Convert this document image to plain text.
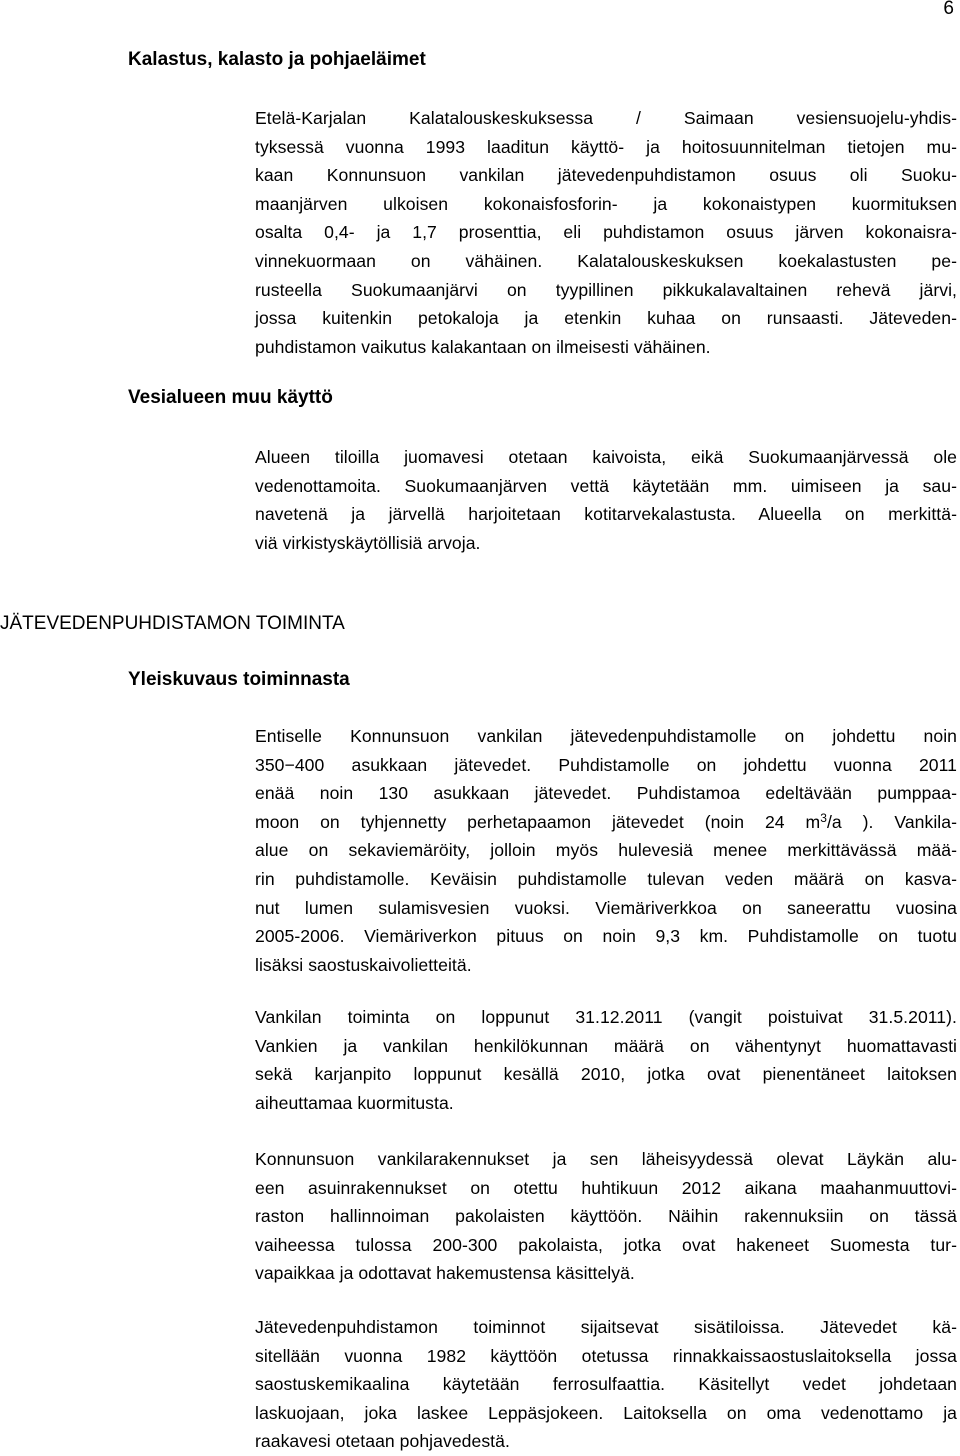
6
Kalastus, kalasto ja pohjaeläimet
Etelä-Karjalan Kalatalouskeskuksessa / Saimaan vesiensuojelu-yhdis-
tyksessä vuonna 1993 laaditun käyttö- ja hoitosuunnitelman tietojen mu-
kaan Konnunsuon vankilan jätevedenpuhdistamon osuus oli Suoku-
maanjärven ulkoisen kokonaisfosforin- ja kokonaistypen kuormituksen
osalta 0,4- ja 1,7 prosenttia, eli puhdistamon osuus järven kokonaisra-
vinnekuormaan on vähäinen. Kalatalouskeskuksen koekalastusten pe-
rusteella Suokumaanjärvi on tyypillinen pikkukalavaltainen rehevä järvi,
jossa kuitenkin petokaloja ja etenkin kuhaa on runsaasti. Jäteveden-
puhdistamon vaikutus kalakantaan on ilmeisesti vähäinen.
Vesialueen muu käyttö
Alueen tiloilla juomavesi otetaan kaivoista, eikä Suokumaanjärvessä ole
vedenottamoita. Suokumaanjärven vettä käytetään mm. uimiseen ja sau-
navetenä ja järvellä harjoitetaan kotitarvekalastusta. Alueella on merkittä-
viä virkistyskäytöllisiä arvoja.
JÄTEVEDENPUHDISTAMON TOIMINTA
Yleiskuvaus toiminnasta
Entiselle Konnunsuon vankilan jätevedenpuhdistamolle on johdettu noin
350−400 asukkaan jätevedet. Puhdistamolle on johdettu vuonna 2011
enää noin 130 asukkaan jätevedet. Puhdistamoa edeltävään pumppaa-
moon on tyhjennetty perhetapaamon jätevedet (noin 24 $m^3/a$ ). Vankila-
alue on sekaviemäröity, jolloin myös hulevesiä menee merkittävässä mää-
rin puhdistamolle. Keväisin puhdistamolle tulevan veden määrä on kasva-
nut lumen sulamisvesien vuoksi. Viemäriverkkoa on saneerattu vuosina
2005-2006. Viemäriverkon pituus on noin 9,3 km. Puhdistamolle on tuotu
lisäksi saostuskaivolietteitä.
Vankilan toiminta on loppunut 31.12.2011 (vangit poistuivat 31.5.2011).
Vankien ja vankilan henkilökunnan määrä on vähentynyt huomattavasti
sekä karjanpito loppunut kesällä 2010, jotka ovat pienentäneet laitoksen
aiheuttamaa kuormitusta.
Konnunsuon vankilarakennukset ja sen läheisyydessä olevat Läykän alu-
een asuinrakennukset on otettu huhtikuun 2012 aikana maahanmuuttovi-
raston hallinnoiman pakolaisten käyttöön. Näihin rakennuksiin on tässä
vaiheessa tulossa 200-300 pakolaista, jotka ovat hakeneet Suomesta tur-
vapaikkaa ja odottavat hakemustensa käsittelyä.
Jätevedenpuhdistamon toiminnot sijaitsevat sisätiloissa. Jätevedet kä-
sitellään vuonna 1982 käyttöön otetussa rinnakkaissaostuslaitoksella jossa
saostuskemikaalina käytetään ferrosulfaattia. Käsitellyt vedet johdetaan
laskuojaan, joka laskee Leppäsjokeen. Laitoksella on oma vedenottamo ja
raakavesi otetaan pohjavedestä.
